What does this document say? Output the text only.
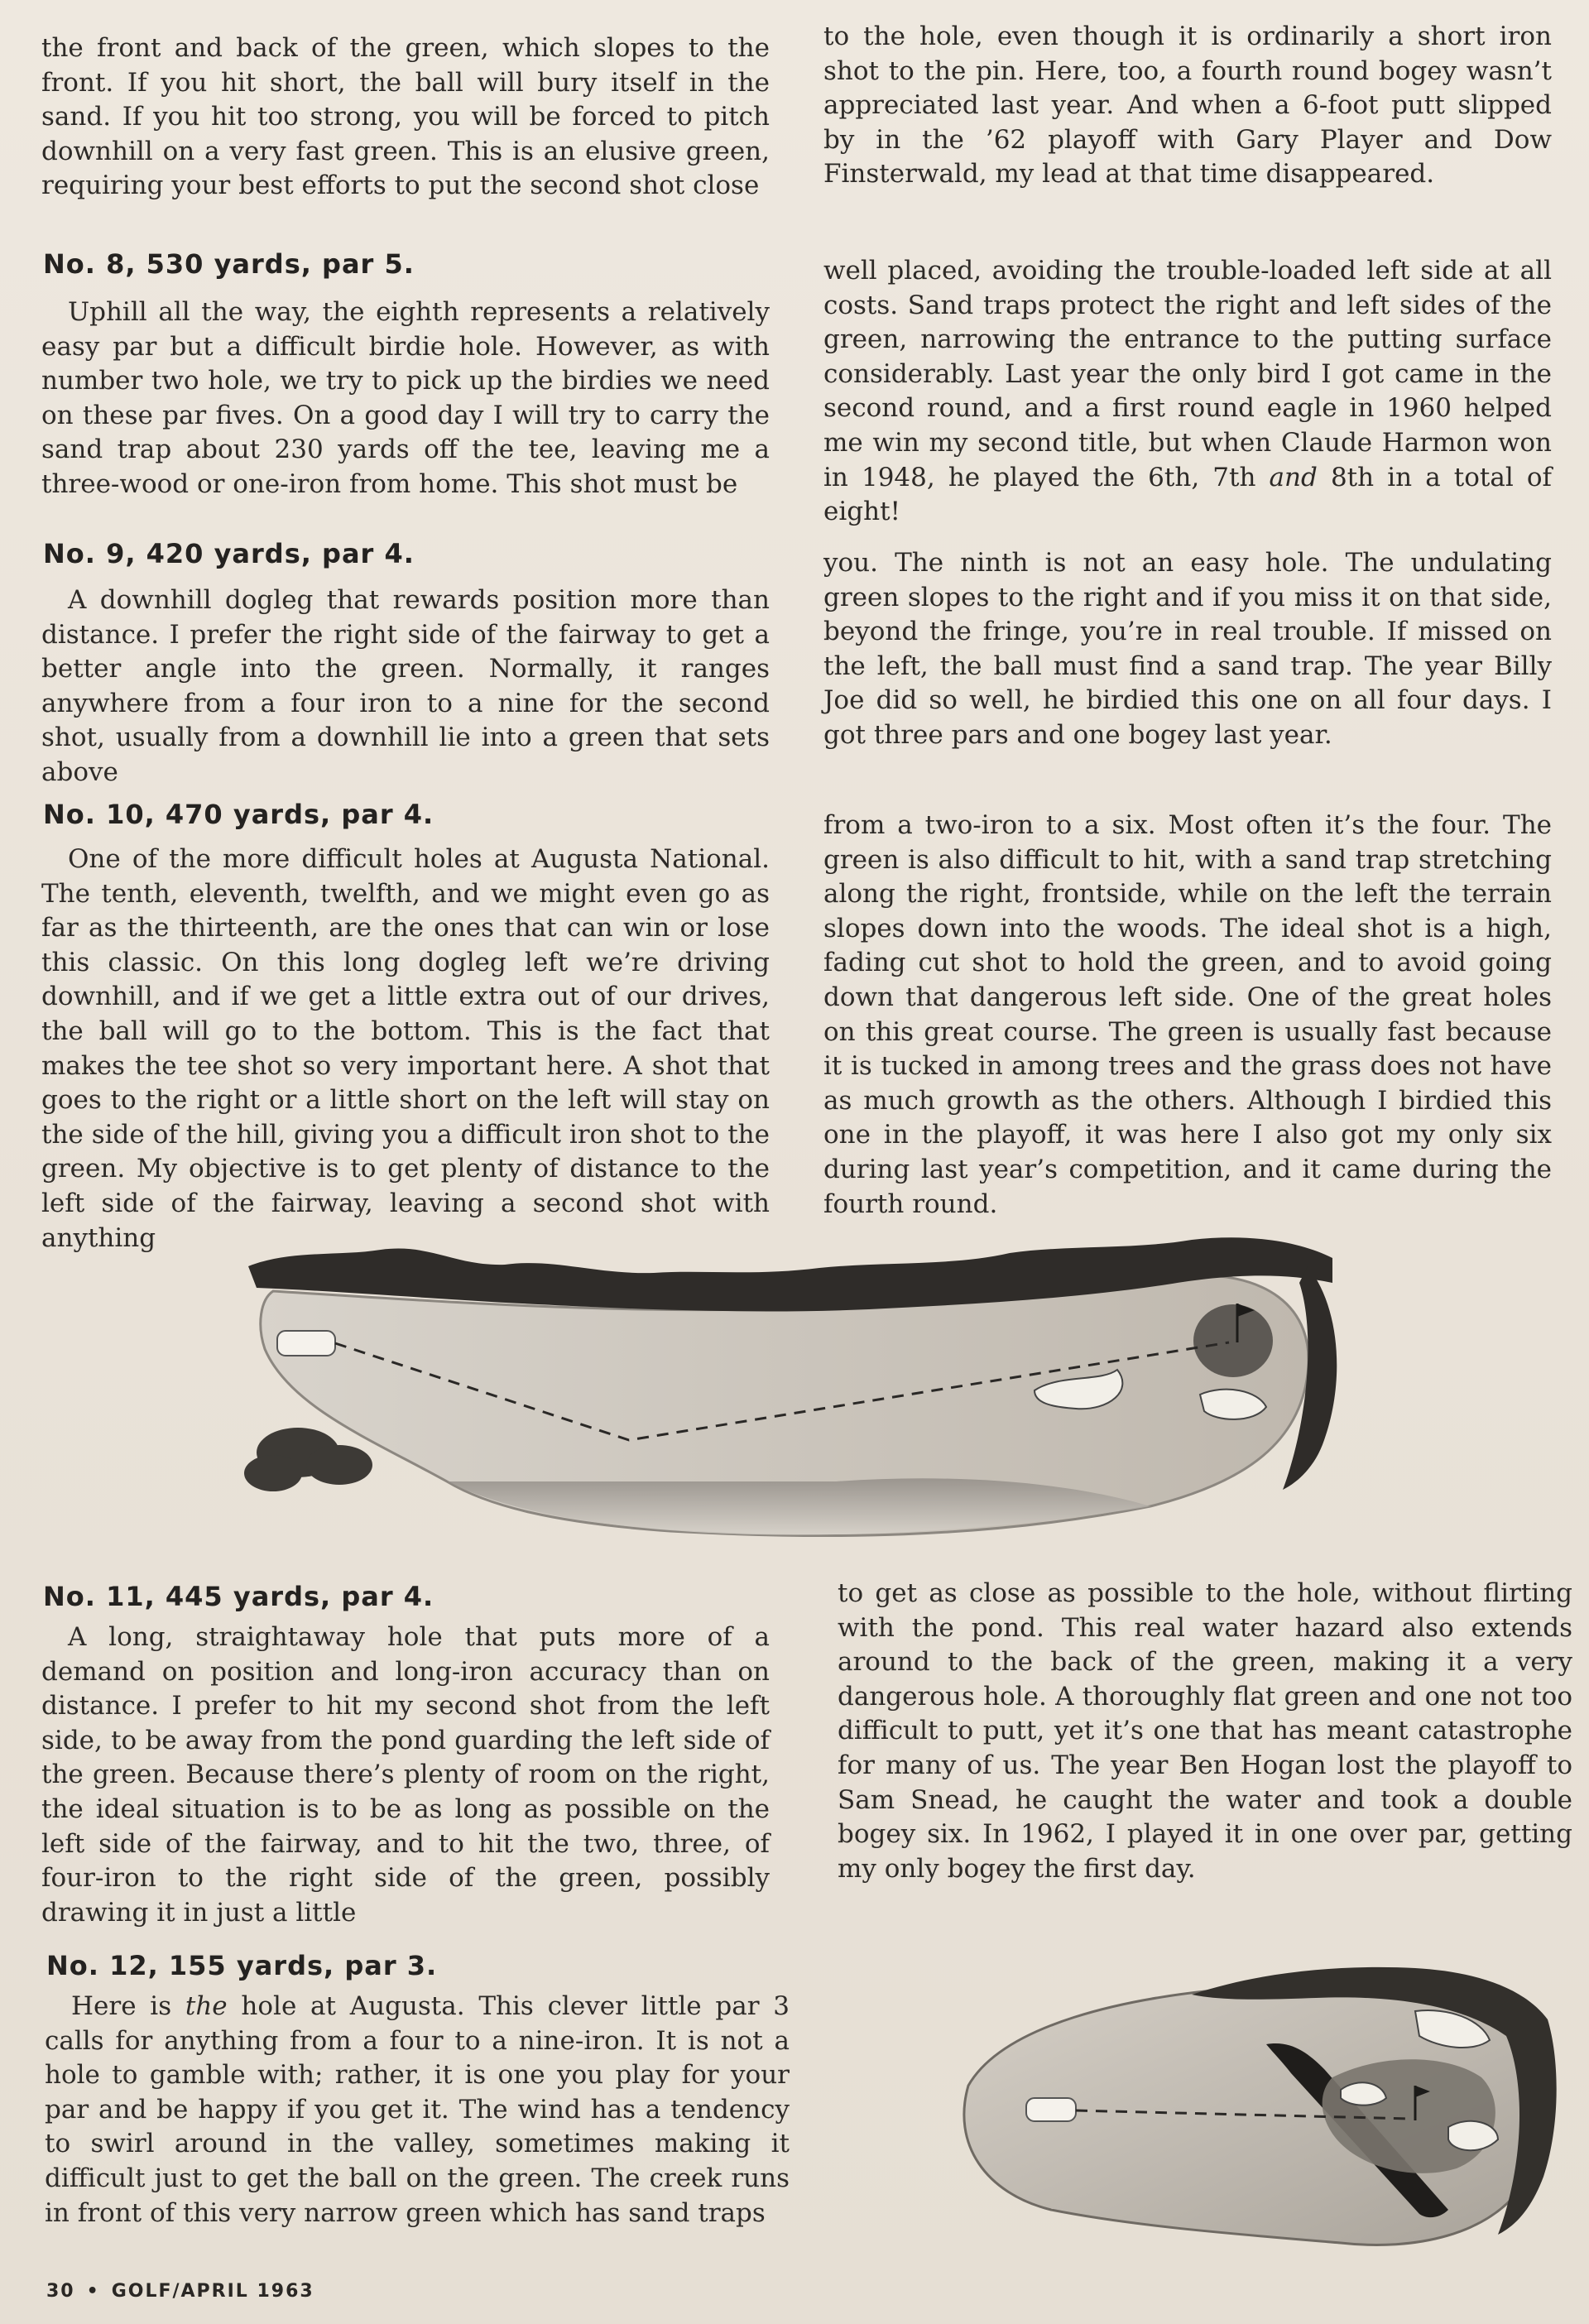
the front and back of the green, which slopes to the front. If you hit short, the ball will bury itself in the sand. If you hit too strong, you will be forced to pitch downhill on a very fast green. This is an elusive green, requiring your best efforts to put the second shot close

to the hole, even though it is ordinarily a short iron shot to the pin. Here, too, a fourth round bogey wasn’t appreciated last year. And when a 6-foot putt slipped by in the ’62 playoff with Gary Player and Dow Finsterwald, my lead at that time disappeared.

No. 8, 530 yards, par 5.

Uphill all the way, the eighth represents a relatively easy par but a difficult birdie hole. However, as with number two hole, we try to pick up the birdies we need on these par fives. On a good day I will try to carry the sand trap about 230 yards off the tee, leaving me a three-wood or one-iron from home. This shot must be

well placed, avoiding the trouble-loaded left side at all costs. Sand traps protect the right and left sides of the green, narrowing the entrance to the putting surface considerably. Last year the only bird I got came in the second round, and a first round eagle in 1960 helped me win my second title, but when Claude Harmon won in 1948, he played the 6th, 7th and 8th in a total of eight!

No. 9, 420 yards, par 4.

A downhill dogleg that rewards position more than distance. I prefer the right side of the fairway to get a better angle into the green. Normally, it ranges anywhere from a four iron to a nine for the second shot, usually from a downhill lie into a green that sets above

you. The ninth is not an easy hole. The undulating green slopes to the right and if you miss it on that side, beyond the fringe, you’re in real trouble. If missed on the left, the ball must find a sand trap. The year Billy Joe did so well, he birdied this one on all four days. I got three pars and one bogey last year.

No. 10, 470 yards, par 4.

One of the more difficult holes at Augusta National. The tenth, eleventh, twelfth, and we might even go as far as the thirteenth, are the ones that can win or lose this classic. On this long dogleg left we’re driving downhill, and if we get a little extra out of our drives, the ball will go to the bottom. This is the fact that makes the tee shot so very important here. A shot that goes to the right or a little short on the left will stay on the side of the hill, giving you a difficult iron shot to the green. My objective is to get plenty of distance to the left side of the fairway, leaving a second shot with anything

from a two-iron to a six. Most often it’s the four. The green is also difficult to hit, with a sand trap stretching along the right, frontside, while on the left the terrain slopes down into the woods. The ideal shot is a high, fading cut shot to hold the green, and to avoid going down that dangerous left side. One of the great holes on this great course. The green is usually fast because it is tucked in among trees and the grass does not have as much growth as the others. Although I birdied this one in the playoff, it was here I also got my only six during last year’s competition, and it came during the fourth round.

No. 11, 445 yards, par 4.

A long, straightaway hole that puts more of a demand on position and long-iron accuracy than on distance. I prefer to hit my second shot from the left side, to be away from the pond guarding the left side of the green. Because there’s plenty of room on the right, the ideal situation is to be as long as possible on the left side of the fairway, and to hit the two, three, of four-iron to the right side of the green, possibly drawing it in just a little

to get as close as possible to the hole, without flirting with the pond. This real water hazard also extends around to the back of the green, making it a very dangerous hole. A thoroughly flat green and one not too difficult to putt, yet it’s one that has meant catastrophe for many of us. The year Ben Hogan lost the playoff to Sam Snead, he caught the water and took a double bogey six. In 1962, I played it in one over par, getting my only bogey the first day.

No. 12, 155 yards, par 3.

Here is the hole at Augusta. This clever little par 3 calls for anything from a four to a nine-iron. It is not a hole to gamble with; rather, it is one you play for your par and be happy if you get it. The wind has a tendency to swirl around in the valley, sometimes making it difficult just to get the ball on the green. The creek runs in front of this very narrow green which has sand traps

30 • GOLF/APRIL 1963
